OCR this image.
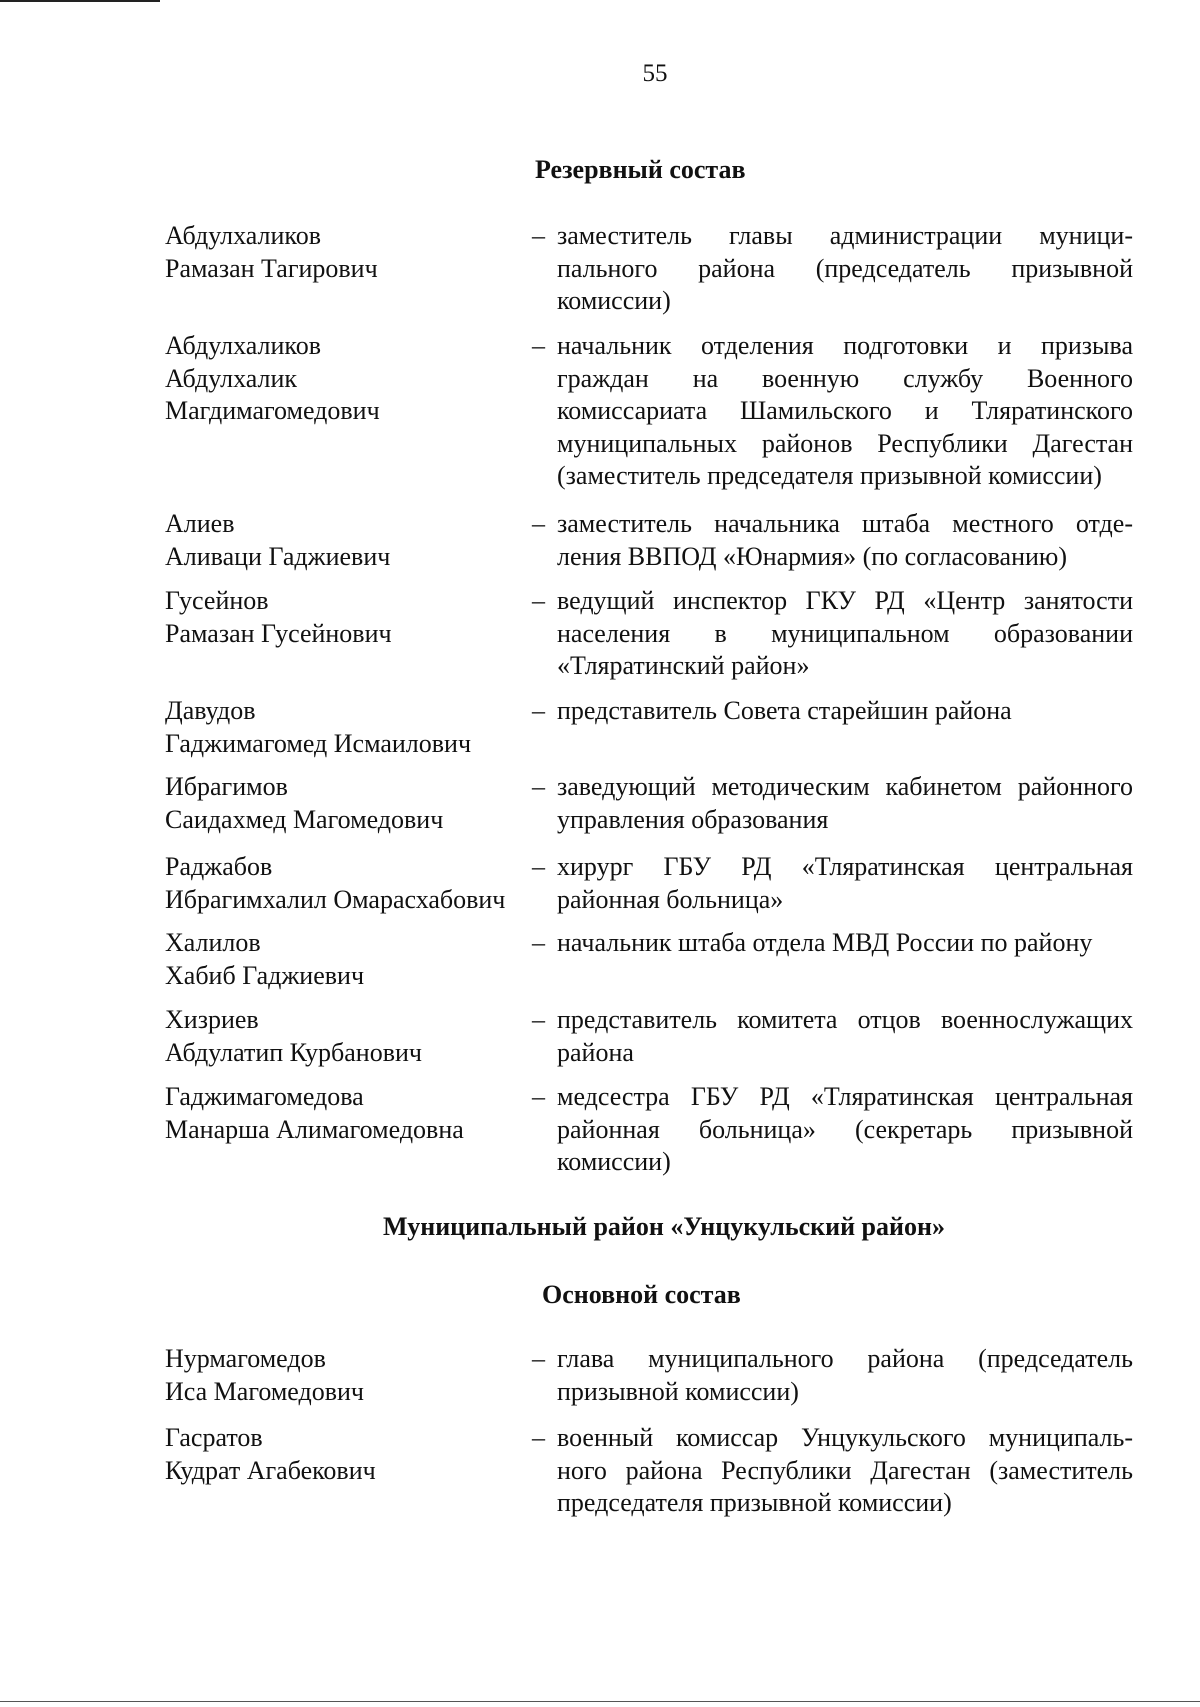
55
Резервный состав
Абдулхаликов
Рамазан Тагирович
– заместитель главы администрации муници-
пального района (председатель призывной
комиссии)
Абдулхаликов
Абдулхалик
Магдимагомедович
– начальник отделения подготовки и призыва
граждан на военную службу Военного
комиссариата Шамильского и Тляратинского
муниципальных районов Республики Дагестан
(заместитель председателя призывной комиссии)
Алиев
Аливаци Гаджиевич
– заместитель начальника штаба местного отде-
ления ВВПОД «Юнармия» (по согласованию)
Гусейнов
Рамазан Гусейнович
– ведущий инспектор ГКУ РД «Центр занятости
населения в муниципальном образовании
«Тляратинский район»
Давудов
Гаджимагомед Исмаилович
– представитель Совета старейшин района
Ибрагимов
Саидахмед Магомедович
– заведующий методическим кабинетом районного
управления образования
Раджабов
Ибрагимхалил Омарасхабович
– хирург ГБУ РД «Тляратинская центральная
районная больница»
Халилов
Хабиб Гаджиевич
– начальник штаба отдела МВД России по району
Хизриев
Абдулатип Курбанович
– представитель комитета отцов военнослужащих
района
Гаджимагомедова
Манарша Алимагомедовна
– медсестра ГБУ РД «Тляратинская центральная
районная больница» (секретарь призывной
комиссии)
Муниципальный район «Унцукульский район»
Основной состав
Нурмагомедов
Иса Магомедович
– глава муниципального района (председатель
призывной комиссии)
Гасратов
Кудрат Агабекович
– военный комиссар Унцукульского муниципаль-
ного района Республики Дагестан (заместитель
председателя призывной комиссии)
